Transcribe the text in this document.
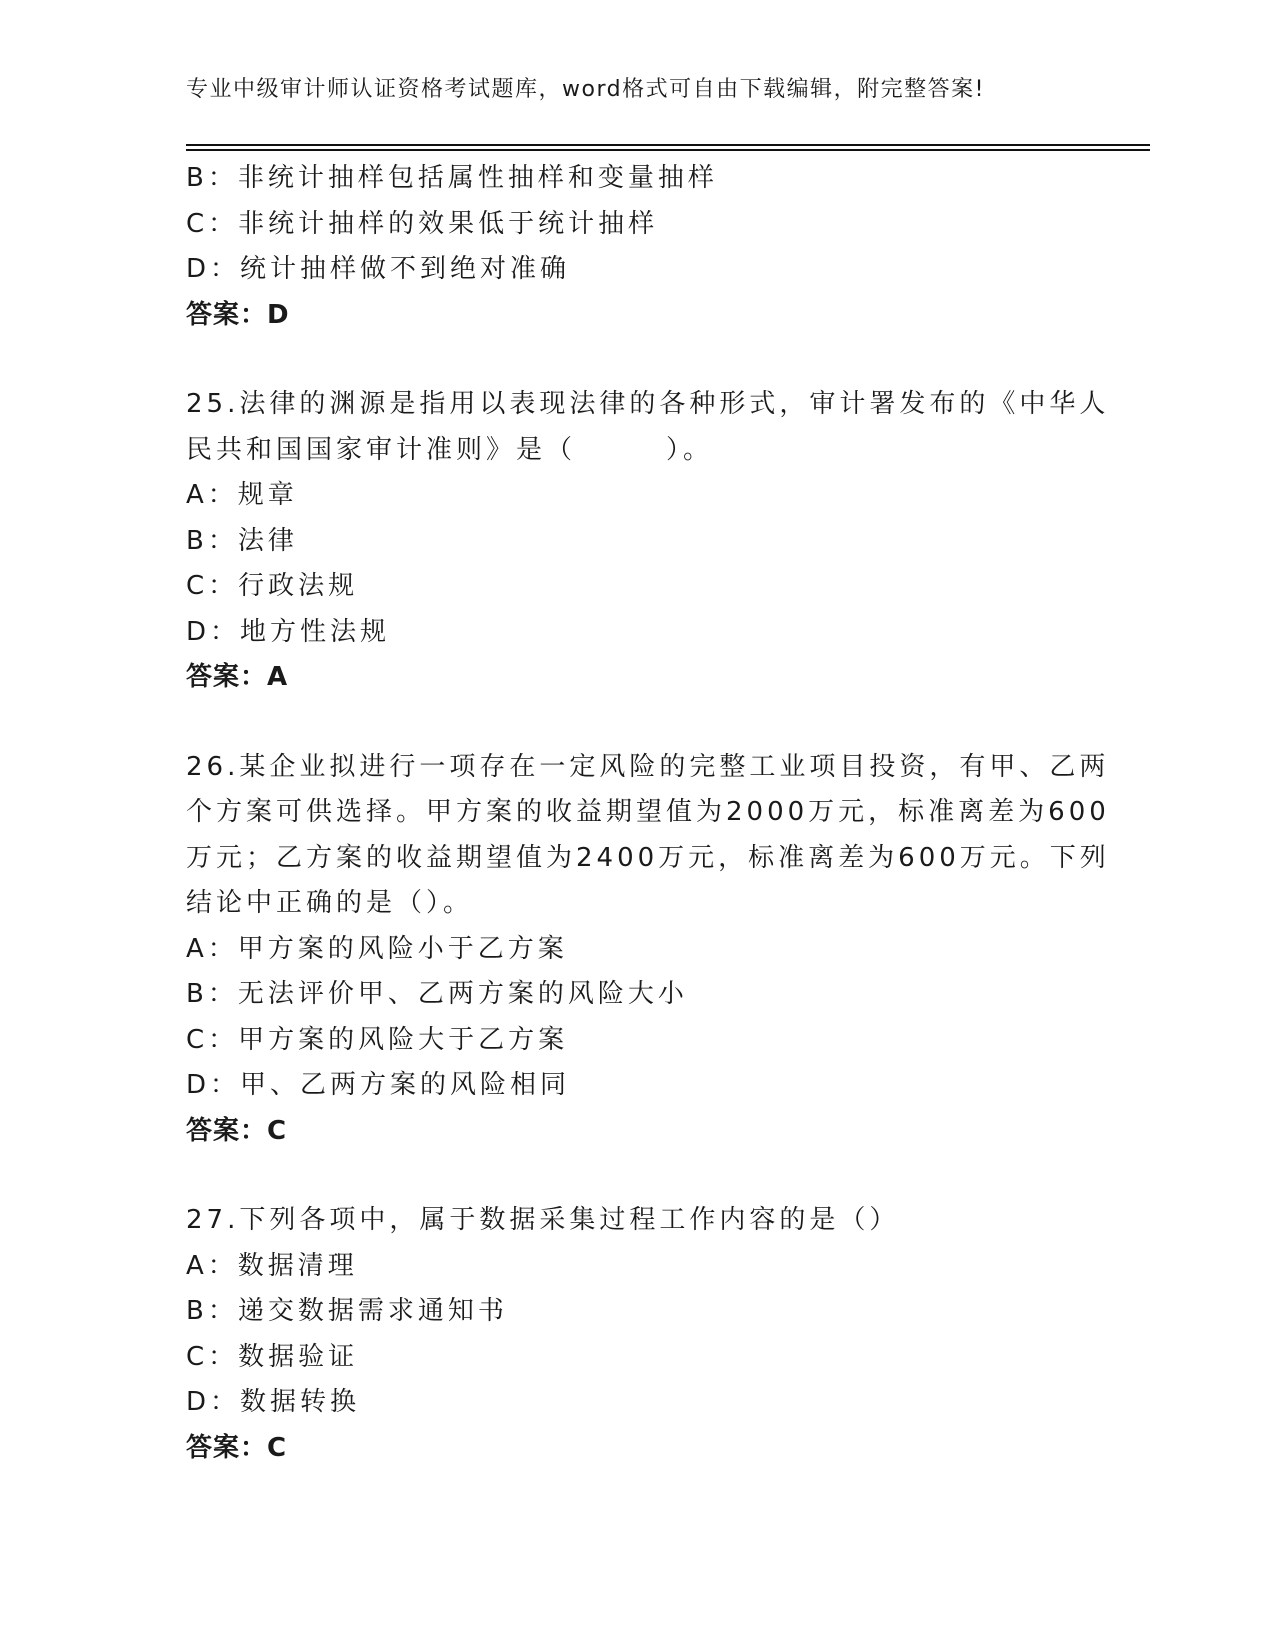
专业中级审计师认证资格考试题库，word格式可自由下载编辑，附完整答案!
B：非统计抽样包括属性抽样和变量抽样
C：非统计抽样的效果低于统计抽样
D：统计抽样做不到绝对准确
答案：D
25.法律的渊源是指用以表现法律的各种形式，审计署发布的《中华人
民共和国国家审计准则》是（　　　）。
A：规章
B：法律
C：行政法规
D：地方性法规
答案：A
26.某企业拟进行一项存在一定风险的完整工业项目投资，有甲、乙两
个方案可供选择。甲方案的收益期望值为2000万元，标准离差为600
万元；乙方案的收益期望值为2400万元，标准离差为600万元。下列
结论中正确的是（）。
A：甲方案的风险小于乙方案
B：无法评价甲、乙两方案的风险大小
C：甲方案的风险大于乙方案
D：甲、乙两方案的风险相同
答案：C
27.下列各项中，属于数据采集过程工作内容的是（）
A：数据清理
B：递交数据需求通知书
C：数据验证
D：数据转换
答案：C
